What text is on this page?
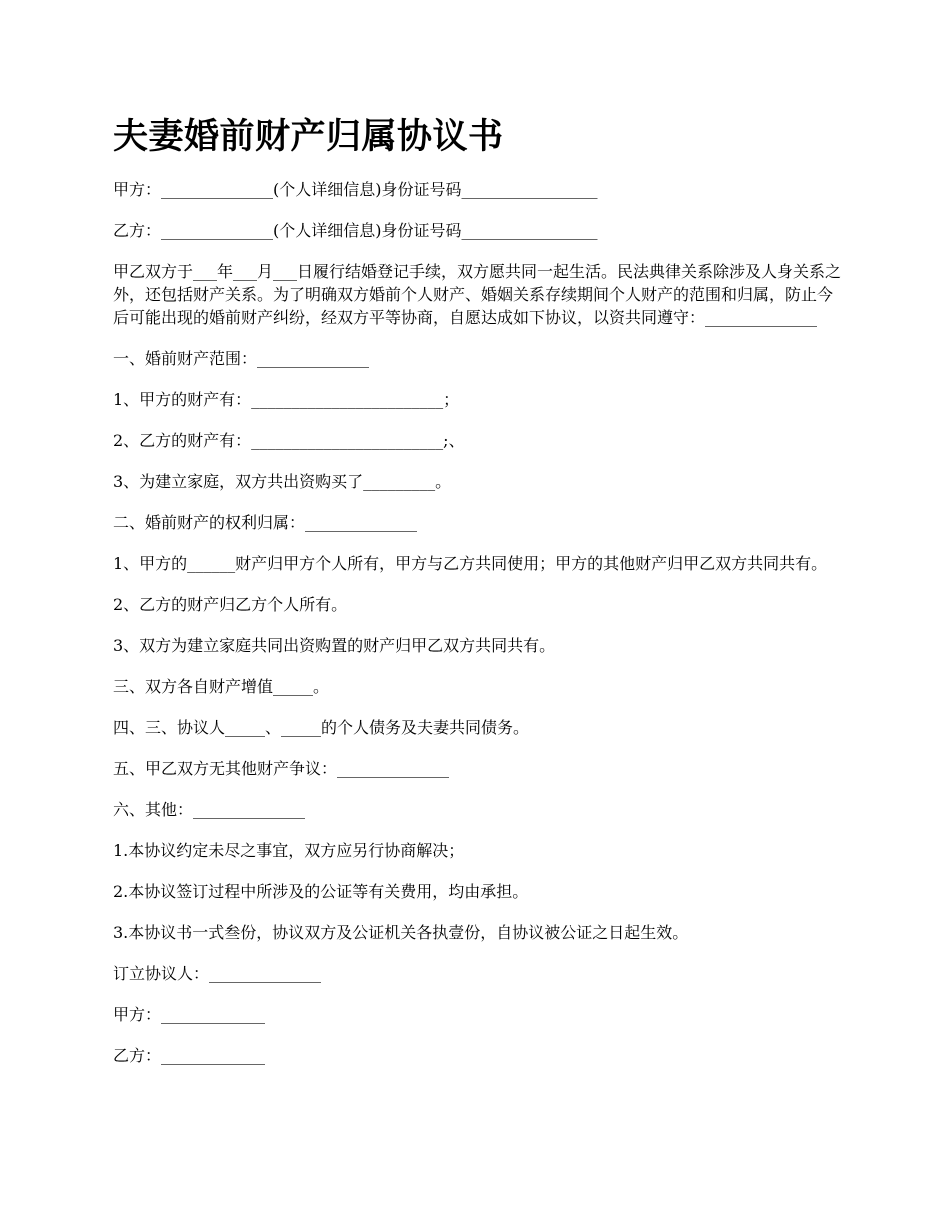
夫妻婚前财产归属协议书

甲方：______________(个人详细信息)身份证号码_________________

乙方：______________(个人详细信息)身份证号码_________________

甲乙双方于___年___月___日履行结婚登记手续，双方愿共同一起生活。民法典律关系除涉及人身关系之外，还包括财产关系。为了明确双方婚前个人财产、婚姻关系存续期间个人财产的范围和归属，防止今后可能出现的婚前财产纠纷，经双方平等协商，自愿达成如下协议，以资共同遵守：______________

一、婚前财产范围：______________

1、甲方的财产有：________________________；

2、乙方的财产有：________________________;、

3、为建立家庭，双方共出资购买了_________。

二、婚前财产的权利归属：______________

1、甲方的______财产归甲方个人所有，甲方与乙方共同使用；甲方的其他财产归甲乙双方共同共有。

2、乙方的财产归乙方个人所有。

3、双方为建立家庭共同出资购置的财产归甲乙双方共同共有。

三、双方各自财产增值_____。

四、三、协议人_____、_____的个人债务及夫妻共同债务。

五、甲乙双方无其他财产争议：______________

六、其他：______________

1.本协议约定未尽之事宜，双方应另行协商解决；

2.本协议签订过程中所涉及的公证等有关费用，均由承担。

3.本协议书一式叁份，协议双方及公证机关各执壹份，自协议被公证之日起生效。

订立协议人：______________

甲方：_____________

乙方：_____________
